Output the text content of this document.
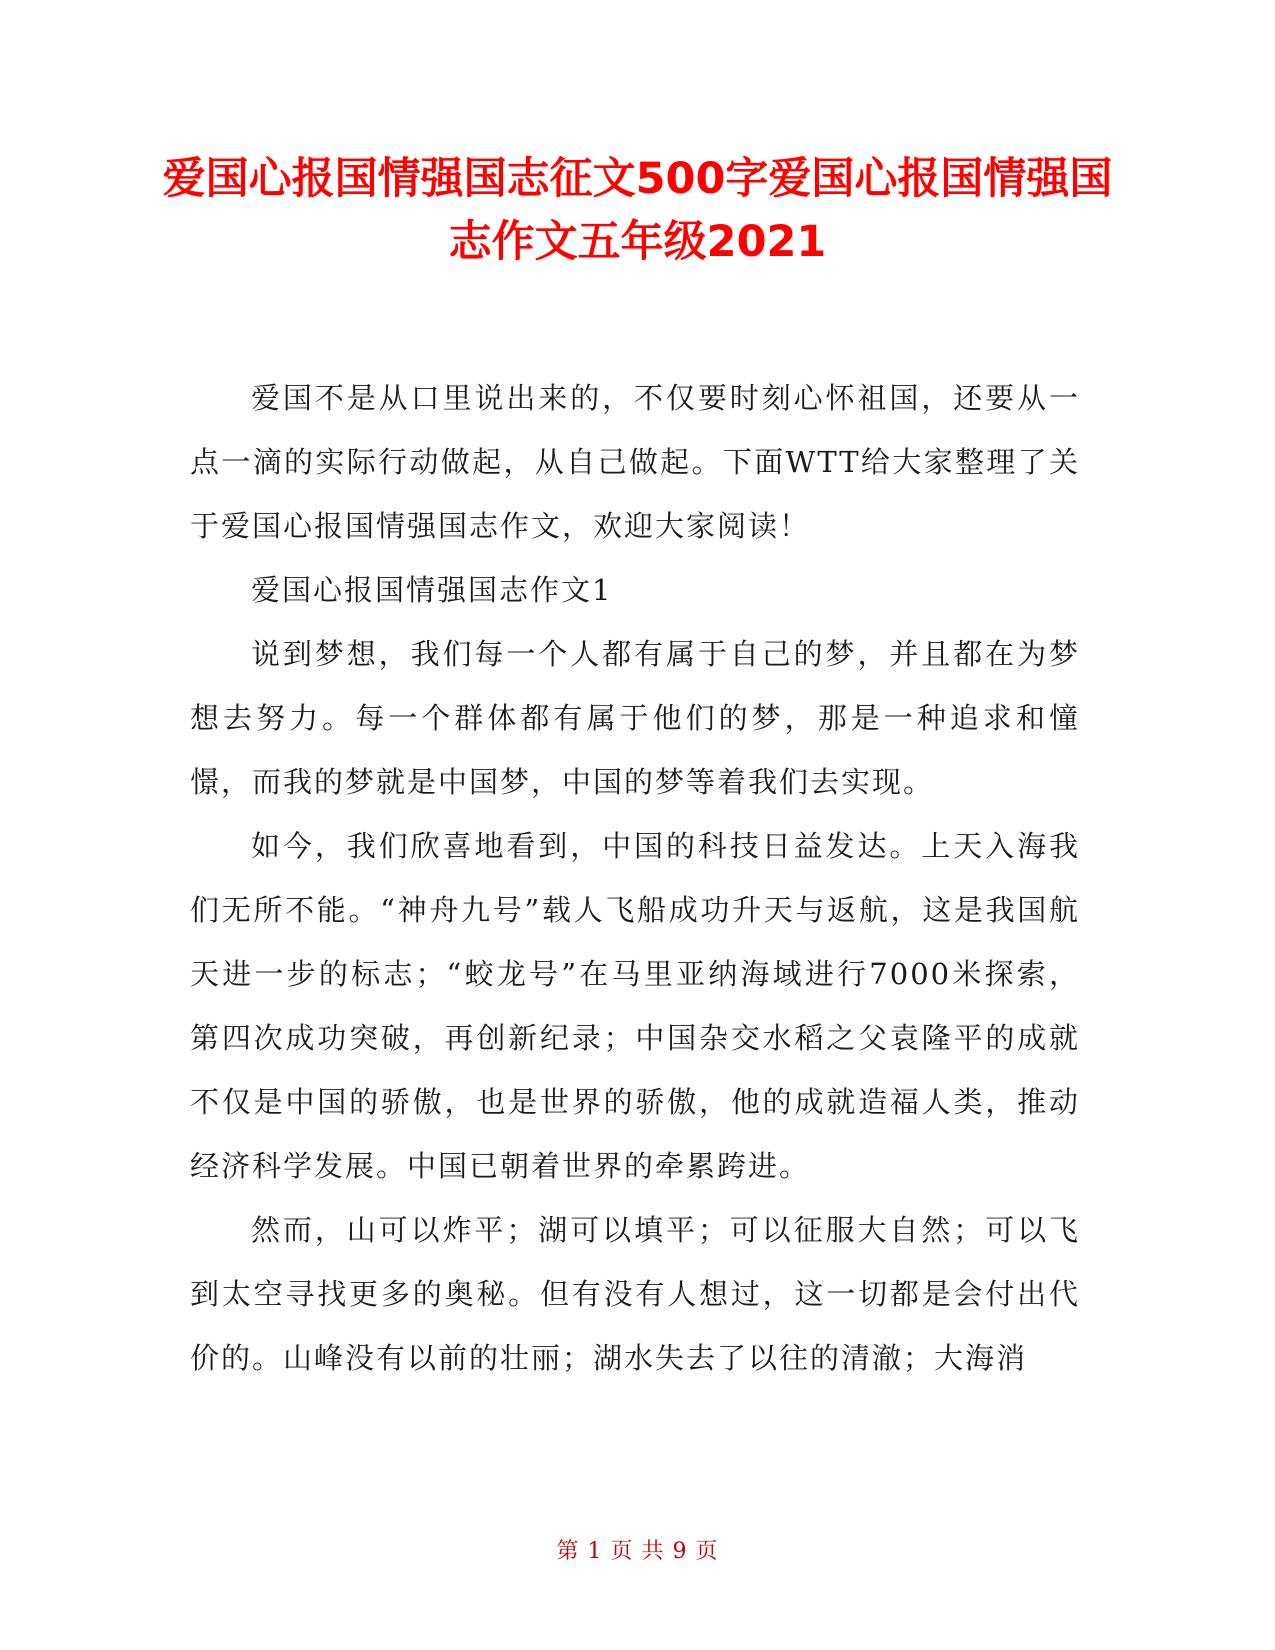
爱国心报国情强国志征文500字爱国心报国情强国志作文五年级2021

爱国不是从口里说出来的，不仅要时刻心怀祖国，还要从一点一滴的实际行动做起，从自己做起。下面WTT给大家整理了关于爱国心报国情强国志作文，欢迎大家阅读！

爱国心报国情强国志作文1

说到梦想，我们每一个人都有属于自己的梦，并且都在为梦想去努力。每一个群体都有属于他们的梦，那是一种追求和憧憬，而我的梦就是中国梦，中国的梦等着我们去实现。

如今，我们欣喜地看到，中国的科技日益发达。上天入海我们无所不能。“神舟九号”载人飞船成功升天与返航，这是我国航天进一步的标志；“蛟龙号”在马里亚纳海域进行7000米探索，第四次成功突破，再创新纪录；中国杂交水稻之父袁隆平的成就不仅是中国的骄傲，也是世界的骄傲，他的成就造福人类，推动经济科学发展。中国已朝着世界的牵累跨进。

然而，山可以炸平；湖可以填平；可以征服大自然；可以飞到太空寻找更多的奥秘。但有没有人想过，这一切都是会付出代价的。山峰没有以前的壮丽；湖水失去了以往的清澈；大海消

第 1 页 共 9 页
